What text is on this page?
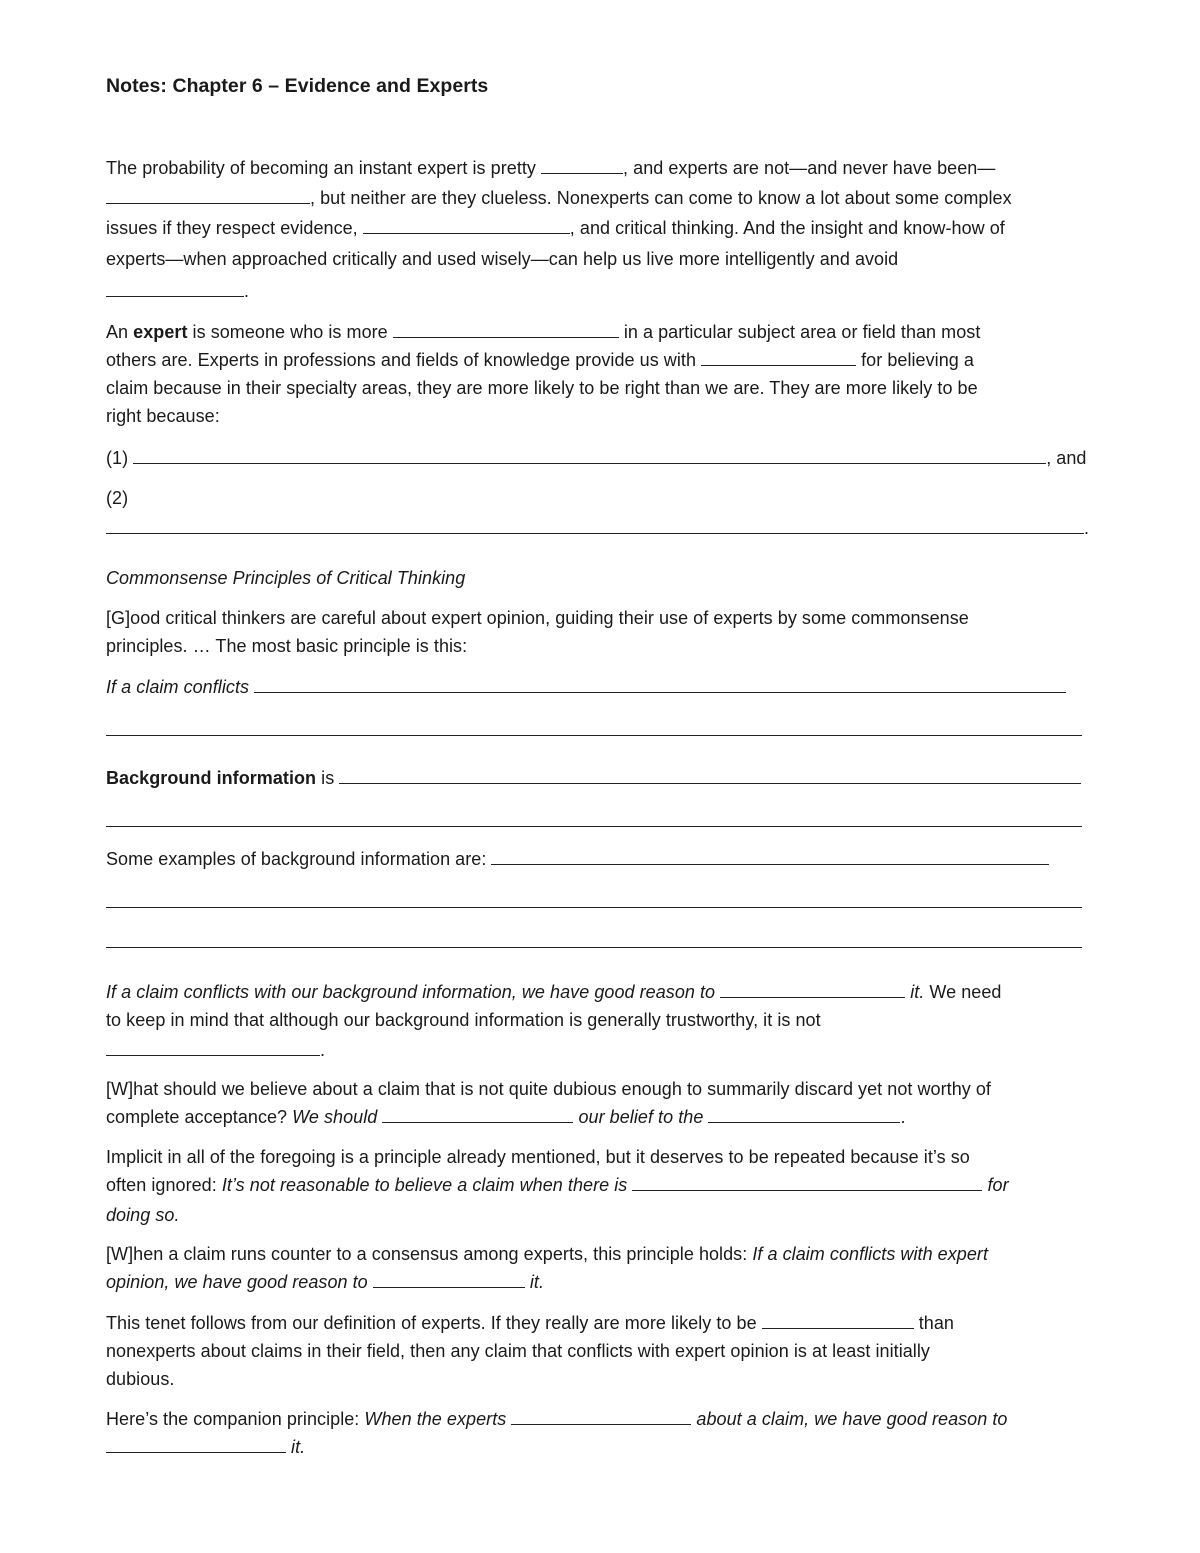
Notes: Chapter 6 – Evidence and Experts
The probability of becoming an instant expert is pretty	, and experts are not—and never have been—
, but neither are they clueless. Nonexperts can come to know a lot about some complex
issues if they respect evidence,	, and critical thinking. And the insight and know-how of
experts—when approached critically and used wisely—can help us live more intelligently and avoid
.
An expert is someone who is more	in a particular subject area or field than most
others are. Experts in professions and fields of knowledge provide us with	for believing a
claim because in their specialty areas, they are more likely to be right than we are. They are more likely to be
right because:
(1)	, and
(2)
.
Commonsense Principles of Critical Thinking
[G]ood critical thinkers are careful about expert opinion, guiding their use of experts by some commonsense
principles. … The most basic principle is this:
If a claim conflicts
Background information is
Some examples of background information are:
If a claim conflicts with our background information, we have good reason to	it. We need
to keep in mind that although our background information is generally trustworthy, it is not
.
[W]hat should we believe about a claim that is not quite dubious enough to summarily discard yet not worthy of
complete acceptance? We should	our belief to the	.
Implicit in all of the foregoing is a principle already mentioned, but it deserves to be repeated because it’s so
often ignored: It’s not reasonable to believe a claim when there is	for
doing so.
[W]hen a claim runs counter to a consensus among experts, this principle holds: If a claim conflicts with expert
opinion, we have good reason to	it.
This tenet follows from our definition of experts. If they really are more likely to be	than
nonexperts about claims in their field, then any claim that conflicts with expert opinion is at least initially
dubious.
Here’s the companion principle: When the experts	about a claim, we have good reason to
it.
